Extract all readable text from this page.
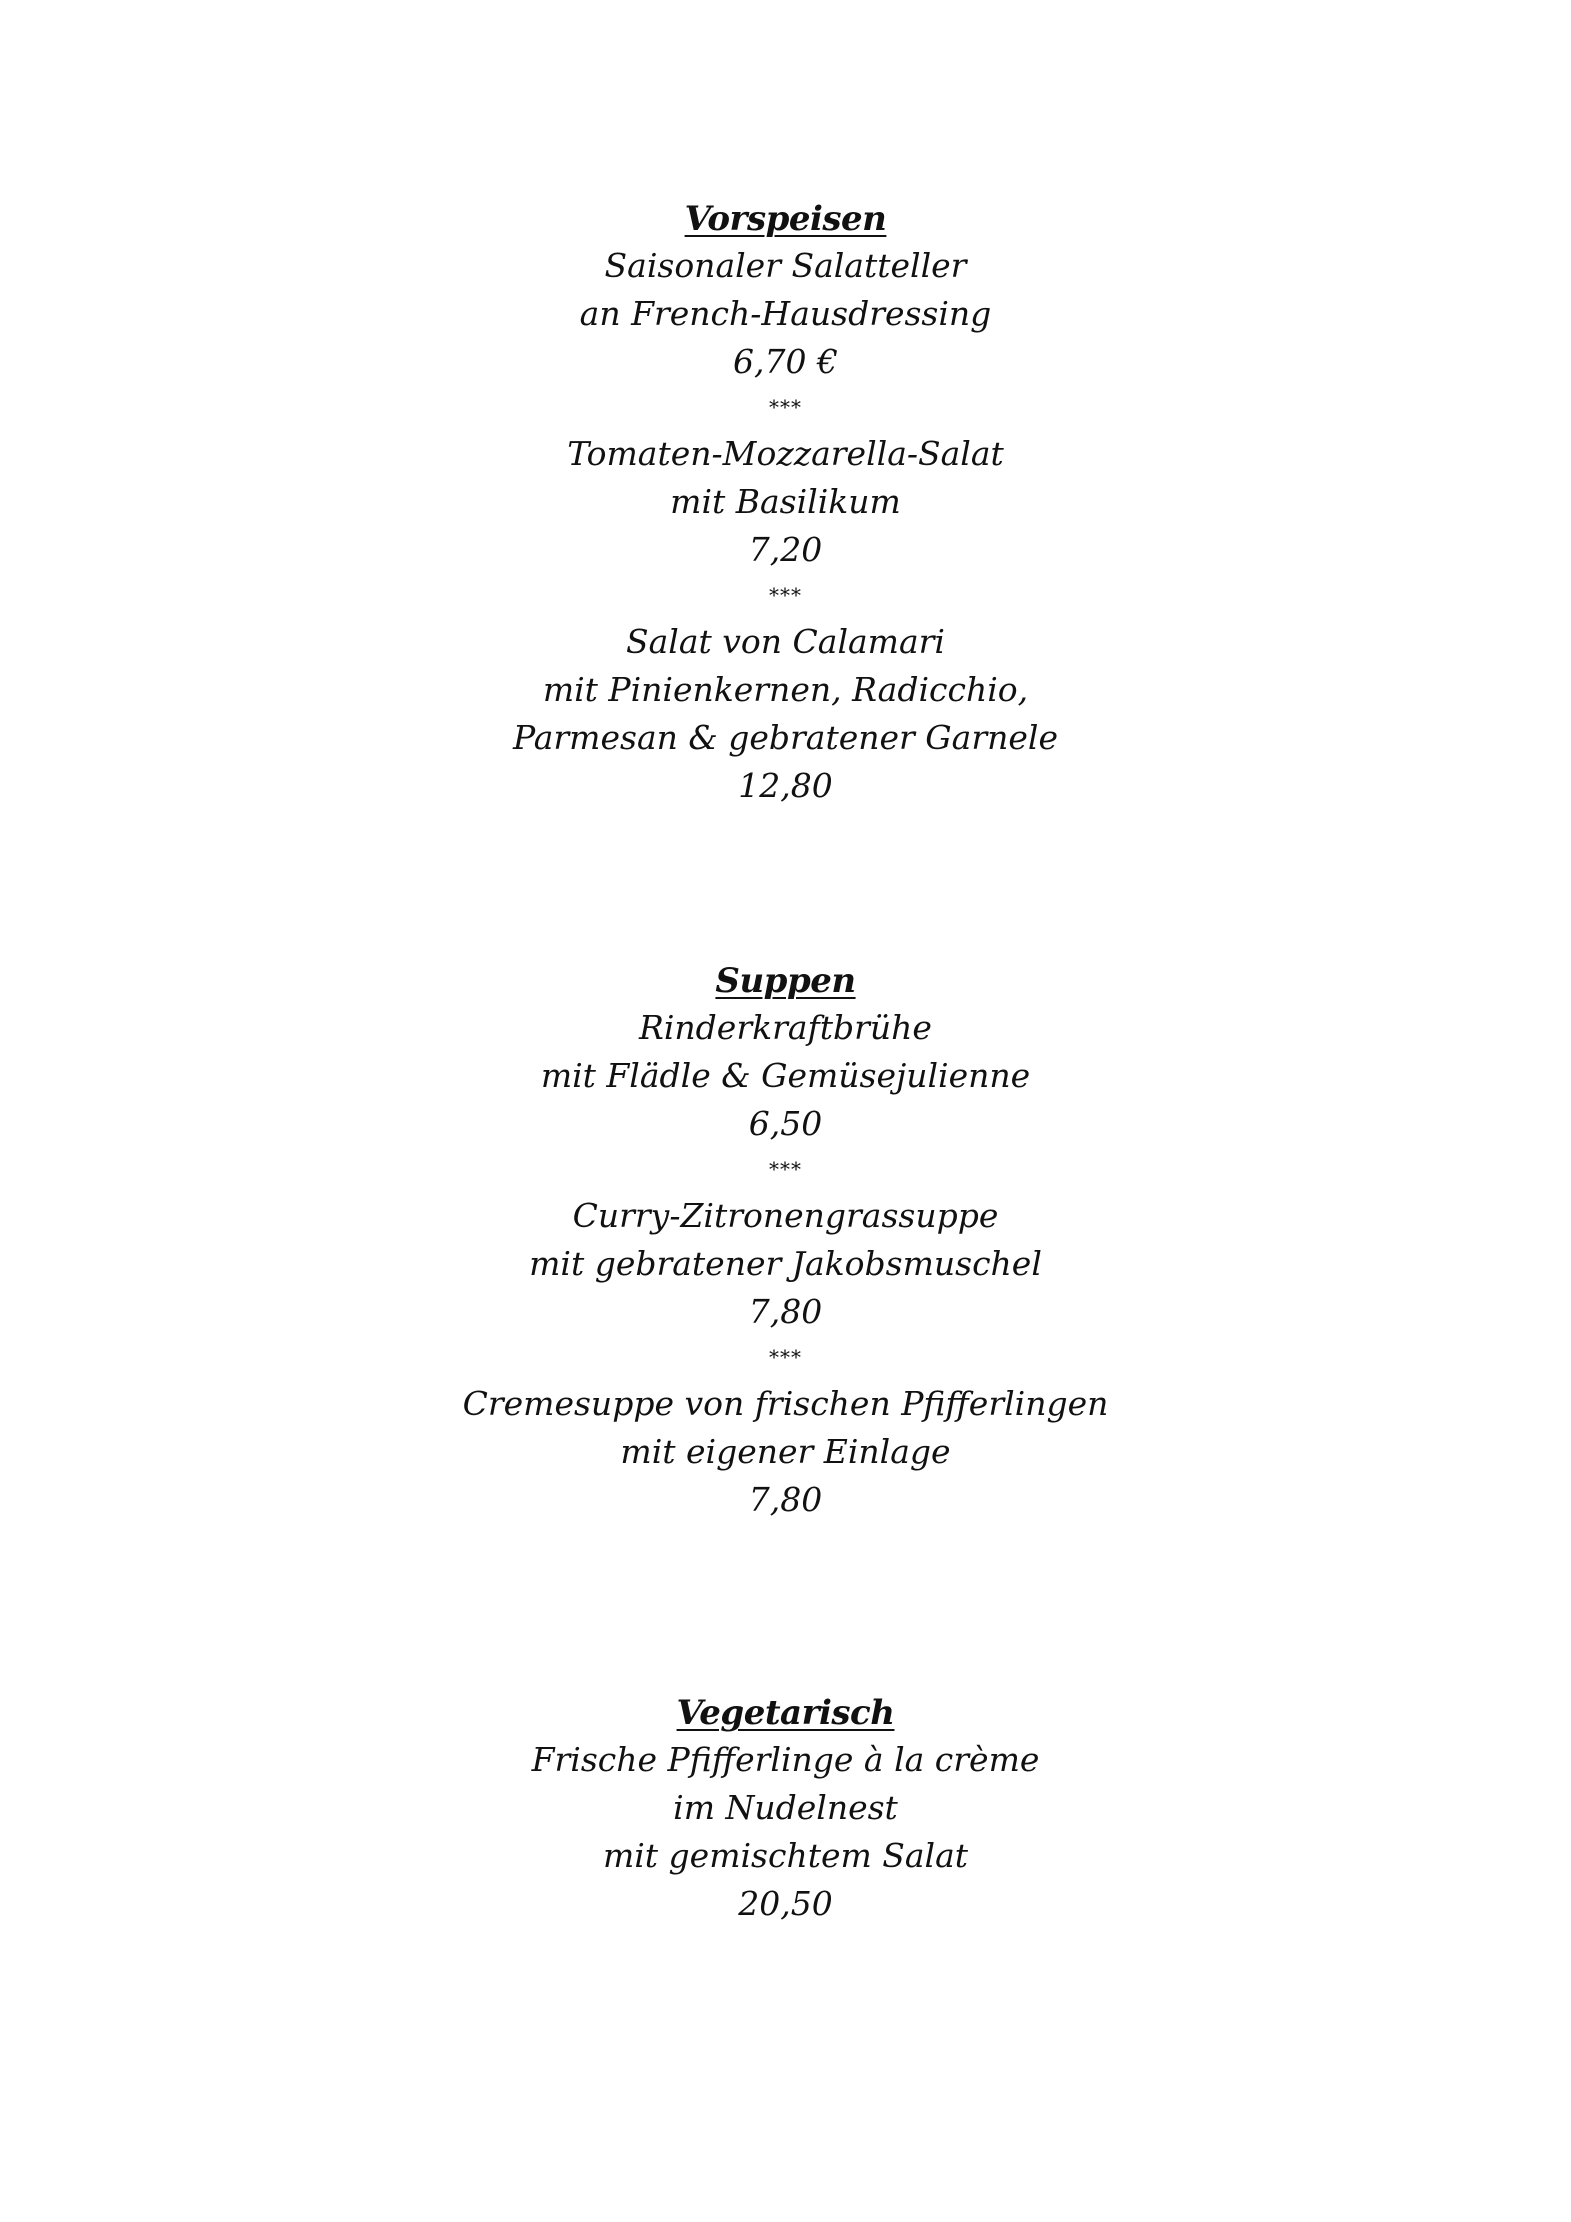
Vorspeisen
Saisonaler Salatteller
an French-Hausdressing
6,70 €
***
Tomaten-Mozzarella-Salat
mit Basilikum
7,20
***
Salat von Calamari
mit Pinienkernen, Radicchio,
Parmesan & gebratener Garnele
12,80
Suppen
Rinderkraftbrühe
mit Flädle & Gemüsejulienne
6,50
***
Curry-Zitronengrassuppe
mit gebratener Jakobsmuschel
7,80
***
Cremesuppe von frischen Pfifferlingen
mit eigener Einlage
7,80
Vegetarisch
Frische Pfifferlinge à la crème
im Nudelnest
mit gemischtem Salat
20,50
